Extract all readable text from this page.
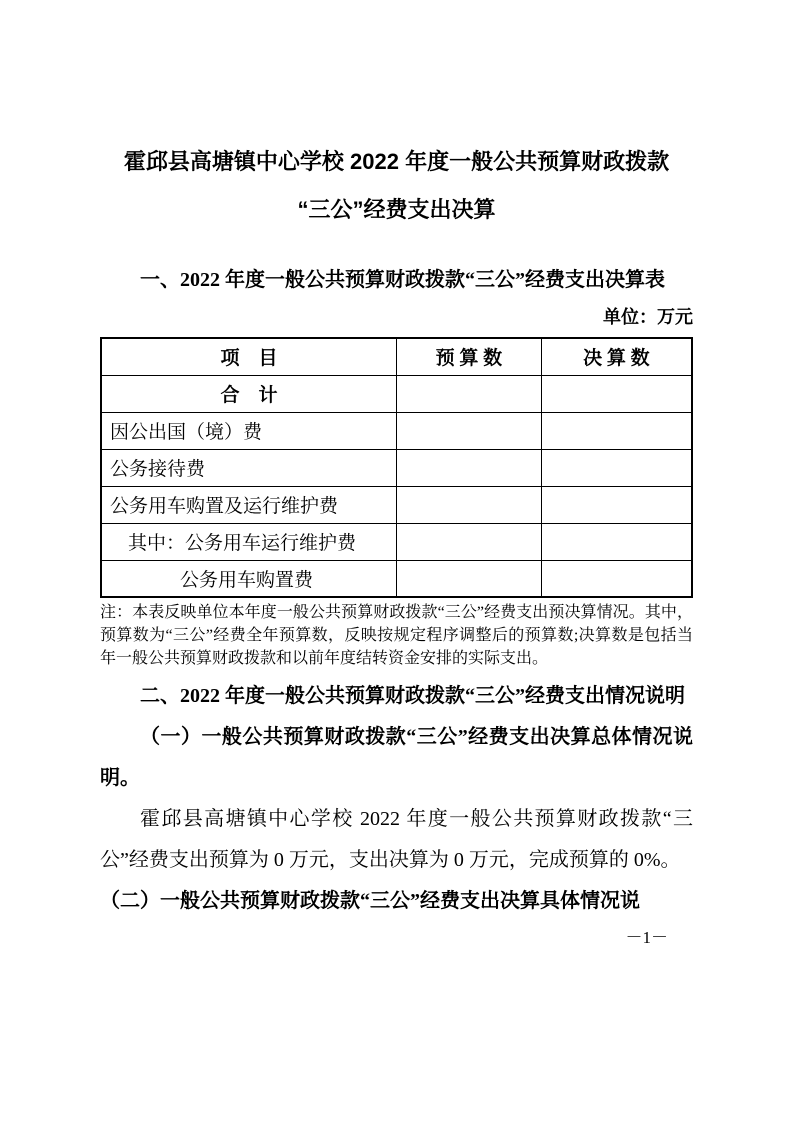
霍邱县高塘镇中心学校 2022 年度一般公共预算财政拨款
“三公”经费支出决算

一、2022 年度一般公共预算财政拨款“三公”经费支出决算表

单位：万元

项　目	预 算 数	决 算 数
合　计		
因公出国（境）费		
公务接待费		
公务用车购置及运行维护费		
其中：公务用车运行维护费		
公务用车购置费		

注：本表反映单位本年度一般公共预算财政拨款“三公”经费支出预决算情况。其中，预算数为“三公”经费全年预算数，反映按规定程序调整后的预算数;决算数是包括当年一般公共预算财政拨款和以前年度结转资金安排的实际支出。

二、2022 年度一般公共预算财政拨款“三公”经费支出情况说明

（一）一般公共预算财政拨款“三公”经费支出决算总体情况说明。

霍邱县高塘镇中心学校 2022 年度一般公共预算财政拨款“三公”经费支出预算为 0 万元，支出决算为 0 万元，完成预算的 0%。

（二）一般公共预算财政拨款“三公”经费支出决算具体情况说

－1－
